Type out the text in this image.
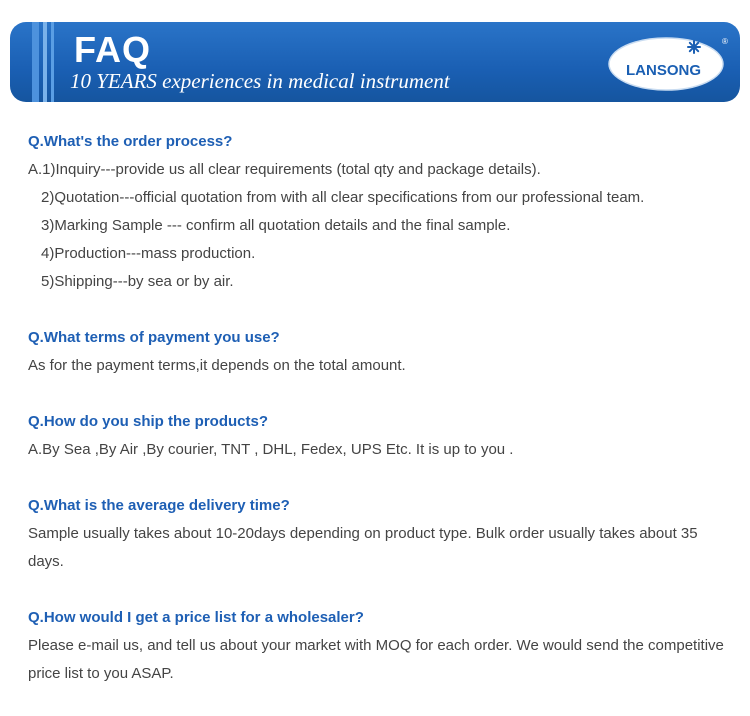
FAQ
10 YEARS experiences in medical instrument	LANSONG
®

Q.What's the order process?

A.1)Inquiry---provide us all clear requirements (total qty and package details).
2)Quotation---official quotation from with all clear specifications from our professional team.
3)Marking Sample --- confirm all quotation details and the final sample.
4)Production---mass production.
5)Shipping---by sea or by air.

Q.What terms of payment you use?

As for the payment terms,it depends on the total amount.

Q.How do you ship the products?

A.By Sea ,By Air ,By courier, TNT , DHL, Fedex, UPS Etc. It is up to you .

Q.What is the average delivery time?

Sample usually takes about 10-20days depending on product type. Bulk order usually takes about 35 days.

Q.How would I get a price list for a wholesaler?

Please e-mail us, and tell us about your market with MOQ for each order. We would send the competitive price list to you ASAP.
